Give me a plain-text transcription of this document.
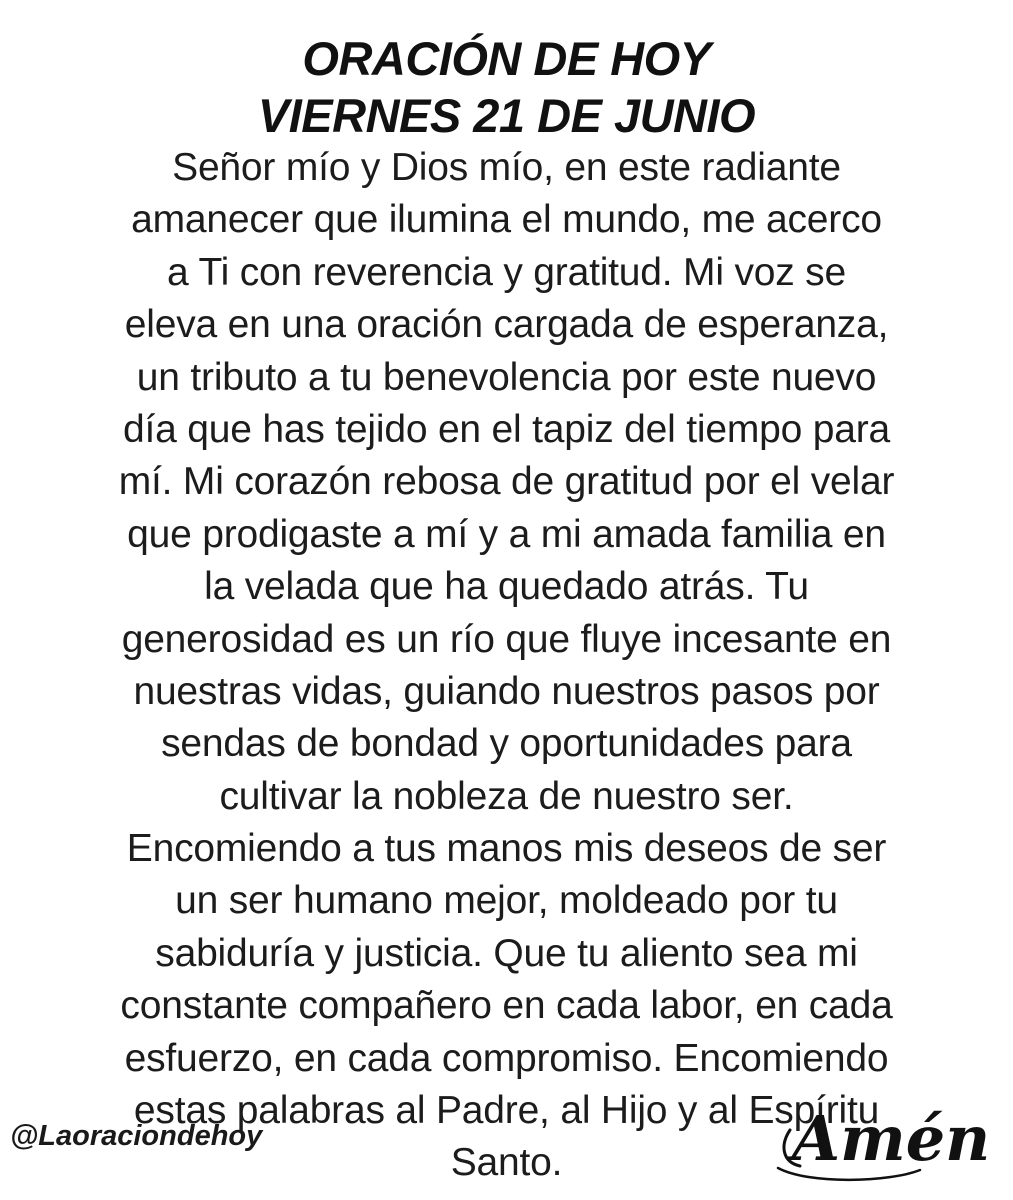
ORACIÓN DE HOY
VIERNES 21 DE JUNIO
Señor mío y Dios mío, en este radiante
amanecer que ilumina el mundo, me acerco
a Ti con reverencia y gratitud. Mi voz se
eleva en una oración cargada de esperanza,
un tributo a tu benevolencia por este nuevo
día que has tejido en el tapiz del tiempo para
mí. Mi corazón rebosa de gratitud por el velar
que prodigaste a mí y a mi amada familia en
la velada que ha quedado atrás. Tu
generosidad es un río que fluye incesante en
nuestras vidas, guiando nuestros pasos por
sendas de bondad y oportunidades para
cultivar la nobleza de nuestro ser.
Encomiendo a tus manos mis deseos de ser
un ser humano mejor, moldeado por tu
sabiduría y justicia. Que tu aliento sea mi
constante compañero en cada labor, en cada
esfuerzo, en cada compromiso. Encomiendo
estas palabras al Padre, al Hijo y al Espíritu
Santo.
@Laoraciondehoy	Amén
